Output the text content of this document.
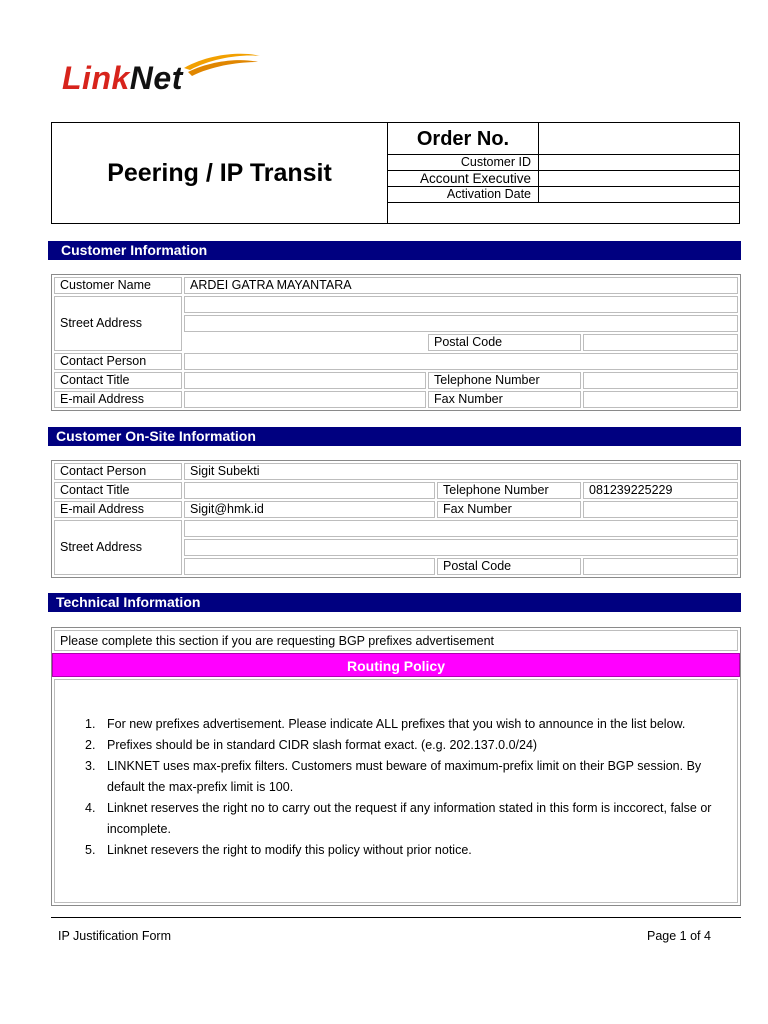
LinkNet
Peering / IP Transit
Order No.
Customer ID
Account Executive
Activation Date
Customer Information
Customer Name	ARDEI GATRA MAYANTARA		
Street Address			

		Postal Code	
Contact Person			
Contact Title		Telephone Number	
E-mail Address		Fax Number	
Customer On-Site Information
Contact Person	Sigit Subekti		
Contact Title		Telephone Number	081239225229
E-mail Address	Sigit@hmk.id	Fax Number	
Street Address			

		Postal Code	
Technical Information
Please complete this section if you are requesting BGP prefixes advertisement
Routing Policy
1. For new prefixes advertisement. Please indicate ALL prefixes that you wish to announce in the list below.
2. Prefixes should be in standard CIDR slash format exact. (e.g. 202.137.0.0/24)
3. LINKNET uses max-prefix filters. Customers must beware of maximum-prefix limit on their BGP session. By default the max-prefix limit is 100.
4. Linknet reserves the right no to carry out the request if any information stated in this form is inccorect, false or incomplete.
5. Linknet resevers the right to modify this policy without prior notice.
IP Justification Form	Page 1 of 4
